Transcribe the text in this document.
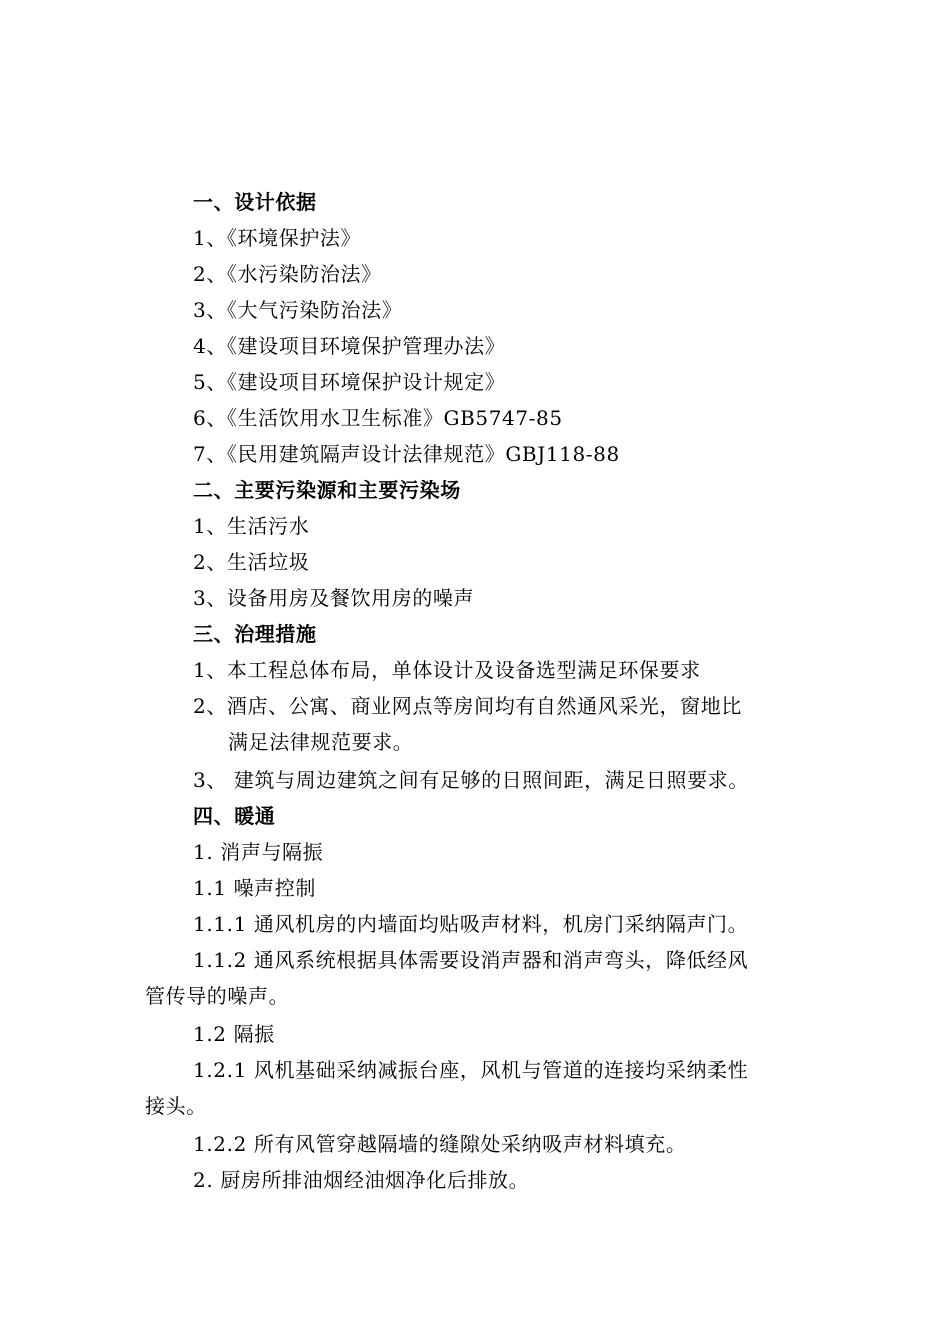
一、设计依据
1、《环境保护法》
2、《水污染防治法》
3、《大气污染防治法》
4、《建设项目环境保护管理办法》
5、《建设项目环境保护设计规定》
6、《生活饮用水卫生标准》GB5747-85
7、《民用建筑隔声设计法律规范》GBJ118-88
二、主要污染源和主要污染场
1、生活污水
2、生活垃圾
3、设备用房及餐饮用房的噪声
三、治理措施
1、本工程总体布局，单体设计及设备选型满足环保要求
2、酒店、公寓、商业网点等房间均有自然通风采光，窗地比
满足法律规范要求。
3、 建筑与周边建筑之间有足够的日照间距，满足日照要求。
四、暖通
1. 消声与隔振
1.1 噪声控制
1.1.1 通风机房的内墙面均贴吸声材料，机房门采纳隔声门。
1.1.2 通风系统根据具体需要设消声器和消声弯头，降低经风
管传导的噪声。
1.2 隔振
1.2.1 风机基础采纳减振台座，风机与管道的连接均采纳柔性
接头。
1.2.2 所有风管穿越隔墙的缝隙处采纳吸声材料填充。
2. 厨房所排油烟经油烟净化后排放。
